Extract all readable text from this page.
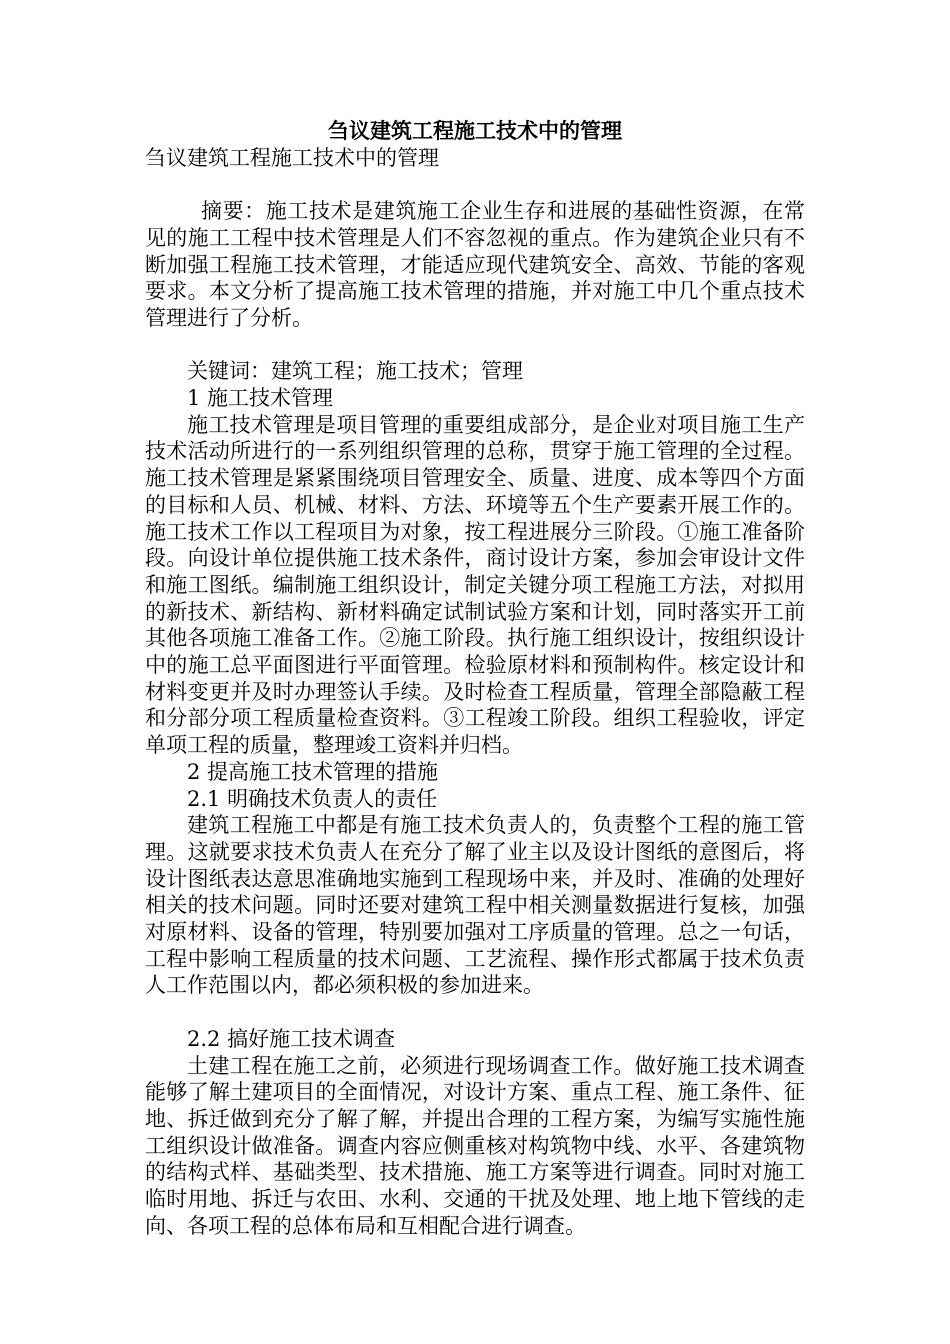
刍议建筑工程施工技术中的管理

刍议建筑工程施工技术中的管理

摘要：施工技术是建筑施工企业生存和进展的基础性资源，在常见的施工工程中技术管理是人们不容忽视的重点。作为建筑企业只有不断加强工程施工技术管理，才能适应现代建筑安全、高效、节能的客观要求。本文分析了提高施工技术管理的措施，并对施工中几个重点技术管理进行了分析。

关键词：建筑工程；施工技术；管理

1 施工技术管理

施工技术管理是项目管理的重要组成部分，是企业对项目施工生产技术活动所进行的一系列组织管理的总称，贯穿于施工管理的全过程。施工技术管理是紧紧围绕项目管理安全、质量、进度、成本等四个方面的目标和人员、机械、材料、方法、环境等五个生产要素开展工作的。施工技术工作以工程项目为对象，按工程进展分三阶段。①施工准备阶段。向设计单位提供施工技术条件，商讨设计方案，参加会审设计文件和施工图纸。编制施工组织设计，制定关键分项工程施工方法，对拟用的新技术、新结构、新材料确定试制试验方案和计划，同时落实开工前其他各项施工准备工作。②施工阶段。执行施工组织设计，按组织设计中的施工总平面图进行平面管理。检验原材料和预制构件。核定设计和材料变更并及时办理签认手续。及时检查工程质量，管理全部隐蔽工程和分部分项工程质量检查资料。③工程竣工阶段。组织工程验收，评定单项工程的质量，整理竣工资料并归档。

2 提高施工技术管理的措施

2.1 明确技术负责人的责任

建筑工程施工中都是有施工技术负责人的，负责整个工程的施工管理。这就要求技术负责人在充分了解了业主以及设计图纸的意图后，将设计图纸表达意思准确地实施到工程现场中来，并及时、准确的处理好相关的技术问题。同时还要对建筑工程中相关测量数据进行复核，加强对原材料、设备的管理，特别要加强对工序质量的管理。总之一句话，工程中影响工程质量的技术问题、工艺流程、操作形式都属于技术负责人工作范围以内，都必须积极的参加进来。

2.2 搞好施工技术调查

土建工程在施工之前，必须进行现场调查工作。做好施工技术调查能够了解土建项目的全面情况，对设计方案、重点工程、施工条件、征地、拆迁做到充分了解了解，并提出合理的工程方案，为编写实施性施工组织设计做准备。调查内容应侧重核对构筑物中线、水平、各建筑物的结构式样、基础类型、技术措施、施工方案等进行调查。同时对施工临时用地、拆迁与农田、水利、交通的干扰及处理、地上地下管线的走向、各项工程的总体布局和互相配合进行调查。
